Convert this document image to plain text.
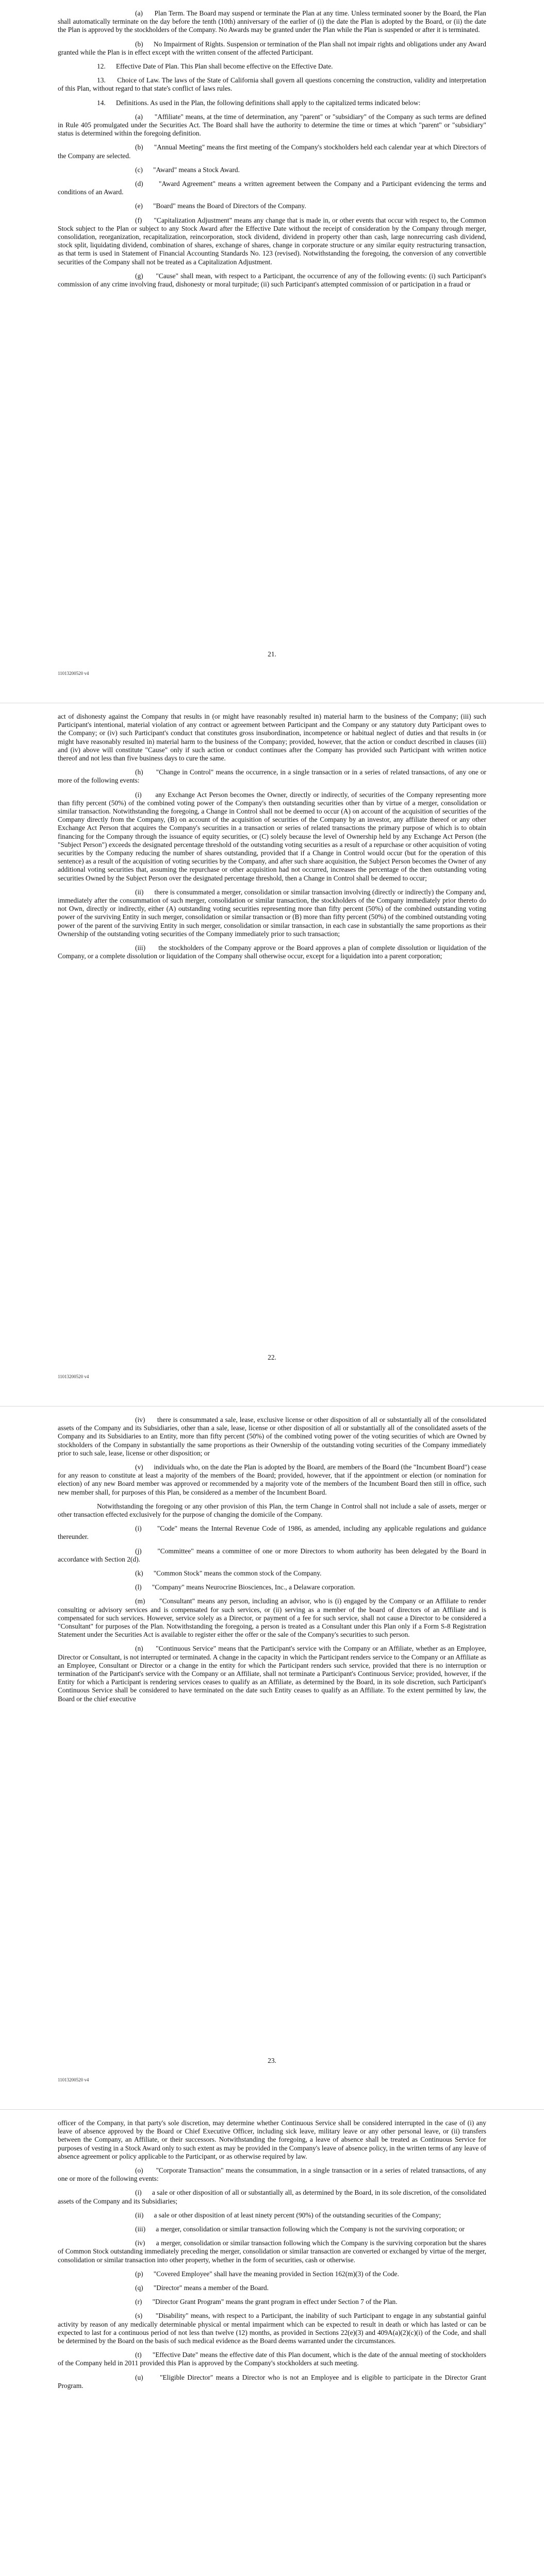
(a)      Plan Term. The Board may suspend or terminate the Plan at any time. Unless terminated sooner by the Board, the Plan shall automatically terminate on the day before the tenth (10th) anniversary of the earlier of (i) the date the Plan is adopted by the Board, or (ii) the date the Plan is approved by the stockholders of the Company. No Awards may be granted under the Plan while the Plan is suspended or after it is terminated.

(b)      No Impairment of Rights. Suspension or termination of the Plan shall not impair rights and obligations under any Award granted while the Plan is in effect except with the written consent of the affected Participant.

12.      Effective Date of Plan. This Plan shall become effective on the Effective Date.

13.      Choice of Law. The laws of the State of California shall govern all questions concerning the construction, validity and interpretation of this Plan, without regard to that state's conflict of laws rules.

14.      Definitions. As used in the Plan, the following definitions shall apply to the capitalized terms indicated below:

(a)      "Affiliate" means, at the time of determination, any "parent" or "subsidiary" of the Company as such terms are defined in Rule 405 promulgated under the Securities Act. The Board shall have the authority to determine the time or times at which "parent" or "subsidiary" status is determined within the foregoing definition.

(b)      "Annual Meeting" means the first meeting of the Company's stockholders held each calendar year at which Directors of the Company are selected.

(c)      "Award" means a Stock Award.

(d)      "Award Agreement" means a written agreement between the Company and a Participant evidencing the terms and conditions of an Award.

(e)      "Board" means the Board of Directors of the Company.

(f)      "Capitalization Adjustment" means any change that is made in, or other events that occur with respect to, the Common Stock subject to the Plan or subject to any Stock Award after the Effective Date without the receipt of consideration by the Company through merger, consolidation, reorganization, recapitalization, reincorporation, stock dividend, dividend in property other than cash, large nonrecurring cash dividend, stock split, liquidating dividend, combination of shares, exchange of shares, change in corporate structure or any similar equity restructuring transaction, as that term is used in Statement of Financial Accounting Standards No. 123 (revised). Notwithstanding the foregoing, the conversion of any convertible securities of the Company shall not be treated as a Capitalization Adjustment.

(g)      "Cause" shall mean, with respect to a Participant, the occurrence of any of the following events: (i) such Participant's commission of any crime involving fraud, dishonesty or moral turpitude; (ii) such Participant's attempted commission of or participation in a fraud or

21.
11013200520 v4

act of dishonesty against the Company that results in (or might have reasonably resulted in) material harm to the business of the Company; (iii) such Participant's intentional, material violation of any contract or agreement between Participant and the Company or any statutory duty Participant owes to the Company; or (iv) such Participant's conduct that constitutes gross insubordination, incompetence or habitual neglect of duties and that results in (or might have reasonably resulted in) material harm to the business of the Company; provided, however, that the action or conduct described in clauses (iii) and (iv) above will constitute "Cause" only if such action or conduct continues after the Company has provided such Participant with written notice thereof and not less than five business days to cure the same.

(h)      "Change in Control" means the occurrence, in a single transaction or in a series of related transactions, of any one or more of the following events:

(i)      any Exchange Act Person becomes the Owner, directly or indirectly, of securities of the Company representing more than fifty percent (50%) of the combined voting power of the Company's then outstanding securities other than by virtue of a merger, consolidation or similar transaction. Notwithstanding the foregoing, a Change in Control shall not be deemed to occur (A) on account of the acquisition of securities of the Company directly from the Company, (B) on account of the acquisition of securities of the Company by an investor, any affiliate thereof or any other Exchange Act Person that acquires the Company's securities in a transaction or series of related transactions the primary purpose of which is to obtain financing for the Company through the issuance of equity securities, or (C) solely because the level of Ownership held by any Exchange Act Person (the "Subject Person") exceeds the designated percentage threshold of the outstanding voting securities as a result of a repurchase or other acquisition of voting securities by the Company reducing the number of shares outstanding, provided that if a Change in Control would occur (but for the operation of this sentence) as a result of the acquisition of voting securities by the Company, and after such share acquisition, the Subject Person becomes the Owner of any additional voting securities that, assuming the repurchase or other acquisition had not occurred, increases the percentage of the then outstanding voting securities Owned by the Subject Person over the designated percentage threshold, then a Change in Control shall be deemed to occur;

(ii)      there is consummated a merger, consolidation or similar transaction involving (directly or indirectly) the Company and, immediately after the consummation of such merger, consolidation or similar transaction, the stockholders of the Company immediately prior thereto do not Own, directly or indirectly, either (A) outstanding voting securities representing more than fifty percent (50%) of the combined outstanding voting power of the surviving Entity in such merger, consolidation or similar transaction or (B) more than fifty percent (50%) of the combined outstanding voting power of the parent of the surviving Entity in such merger, consolidation or similar transaction, in each case in substantially the same proportions as their Ownership of the outstanding voting securities of the Company immediately prior to such transaction;

(iii)      the stockholders of the Company approve or the Board approves a plan of complete dissolution or liquidation of the Company, or a complete dissolution or liquidation of the Company shall otherwise occur, except for a liquidation into a parent corporation;

22.
11013200520 v4

(iv)      there is consummated a sale, lease, exclusive license or other disposition of all or substantially all of the consolidated assets of the Company and its Subsidiaries, other than a sale, lease, license or other disposition of all or substantially all of the consolidated assets of the Company and its Subsidiaries to an Entity, more than fifty percent (50%) of the combined voting power of the voting securities of which are Owned by stockholders of the Company in substantially the same proportions as their Ownership of the outstanding voting securities of the Company immediately prior to such sale, lease, license or other disposition; or

(v)      individuals who, on the date the Plan is adopted by the Board, are members of the Board (the "Incumbent Board") cease for any reason to constitute at least a majority of the members of the Board; provided, however, that if the appointment or election (or nomination for election) of any new Board member was approved or recommended by a majority vote of the members of the Incumbent Board then still in office, such new member shall, for purposes of this Plan, be considered as a member of the Incumbent Board.

Notwithstanding the foregoing or any other provision of this Plan, the term Change in Control shall not include a sale of assets, merger or other transaction effected exclusively for the purpose of changing the domicile of the Company.

(i)      "Code" means the Internal Revenue Code of 1986, as amended, including any applicable regulations and guidance thereunder.

(j)      "Committee" means a committee of one or more Directors to whom authority has been delegated by the Board in accordance with Section 2(d).

(k)      "Common Stock" means the common stock of the Company.

(l)      "Company" means Neurocrine Biosciences, Inc., a Delaware corporation.

(m)      "Consultant" means any person, including an advisor, who is (i) engaged by the Company or an Affiliate to render consulting or advisory services and is compensated for such services, or (ii) serving as a member of the board of directors of an Affiliate and is compensated for such services. However, service solely as a Director, or payment of a fee for such service, shall not cause a Director to be considered a "Consultant" for purposes of the Plan. Notwithstanding the foregoing, a person is treated as a Consultant under this Plan only if a Form S-8 Registration Statement under the Securities Act is available to register either the offer or the sale of the Company's securities to such person.

(n)      "Continuous Service" means that the Participant's service with the Company or an Affiliate, whether as an Employee, Director or Consultant, is not interrupted or terminated. A change in the capacity in which the Participant renders service to the Company or an Affiliate as an Employee, Consultant or Director or a change in the entity for which the Participant renders such service, provided that there is no interruption or termination of the Participant's service with the Company or an Affiliate, shall not terminate a Participant's Continuous Service; provided, however, if the Entity for which a Participant is rendering services ceases to qualify as an Affiliate, as determined by the Board, in its sole discretion, such Participant's Continuous Service shall be considered to have terminated on the date such Entity ceases to qualify as an Affiliate. To the extent permitted by law, the Board or the chief executive

23.
11013200520 v4

officer of the Company, in that party's sole discretion, may determine whether Continuous Service shall be considered interrupted in the case of (i) any leave of absence approved by the Board or Chief Executive Officer, including sick leave, military leave or any other personal leave, or (ii) transfers between the Company, an Affiliate, or their successors. Notwithstanding the foregoing, a leave of absence shall be treated as Continuous Service for purposes of vesting in a Stock Award only to such extent as may be provided in the Company's leave of absence policy, in the written terms of any leave of absence agreement or policy applicable to the Participant, or as otherwise required by law.

(o)      "Corporate Transaction" means the consummation, in a single transaction or in a series of related transactions, of any one or more of the following events:

(i)      a sale or other disposition of all or substantially all, as determined by the Board, in its sole discretion, of the consolidated assets of the Company and its Subsidiaries;

(ii)      a sale or other disposition of at least ninety percent (90%) of the outstanding securities of the Company;

(iii)      a merger, consolidation or similar transaction following which the Company is not the surviving corporation; or

(iv)      a merger, consolidation or similar transaction following which the Company is the surviving corporation but the shares of Common Stock outstanding immediately preceding the merger, consolidation or similar transaction are converted or exchanged by virtue of the merger, consolidation or similar transaction into other property, whether in the form of securities, cash or otherwise.

(p)      "Covered Employee" shall have the meaning provided in Section 162(m)(3) of the Code.

(q)      "Director" means a member of the Board.

(r)      "Director Grant Program" means the grant program in effect under Section 7 of the Plan.

(s)      "Disability" means, with respect to a Participant, the inability of such Participant to engage in any substantial gainful activity by reason of any medically determinable physical or mental impairment which can be expected to result in death or which has lasted or can be expected to last for a continuous period of not less than twelve (12) months, as provided in Sections 22(e)(3) and 409A(a)(2)(c)(i) of the Code, and shall be determined by the Board on the basis of such medical evidence as the Board deems warranted under the circumstances.

(t)      "Effective Date" means the effective date of this Plan document, which is the date of the annual meeting of stockholders of the Company held in 2011 provided this Plan is approved by the Company's stockholders at such meeting.

(u)      "Eligible Director" means a Director who is not an Employee and is eligible to participate in the Director Grant Program.
